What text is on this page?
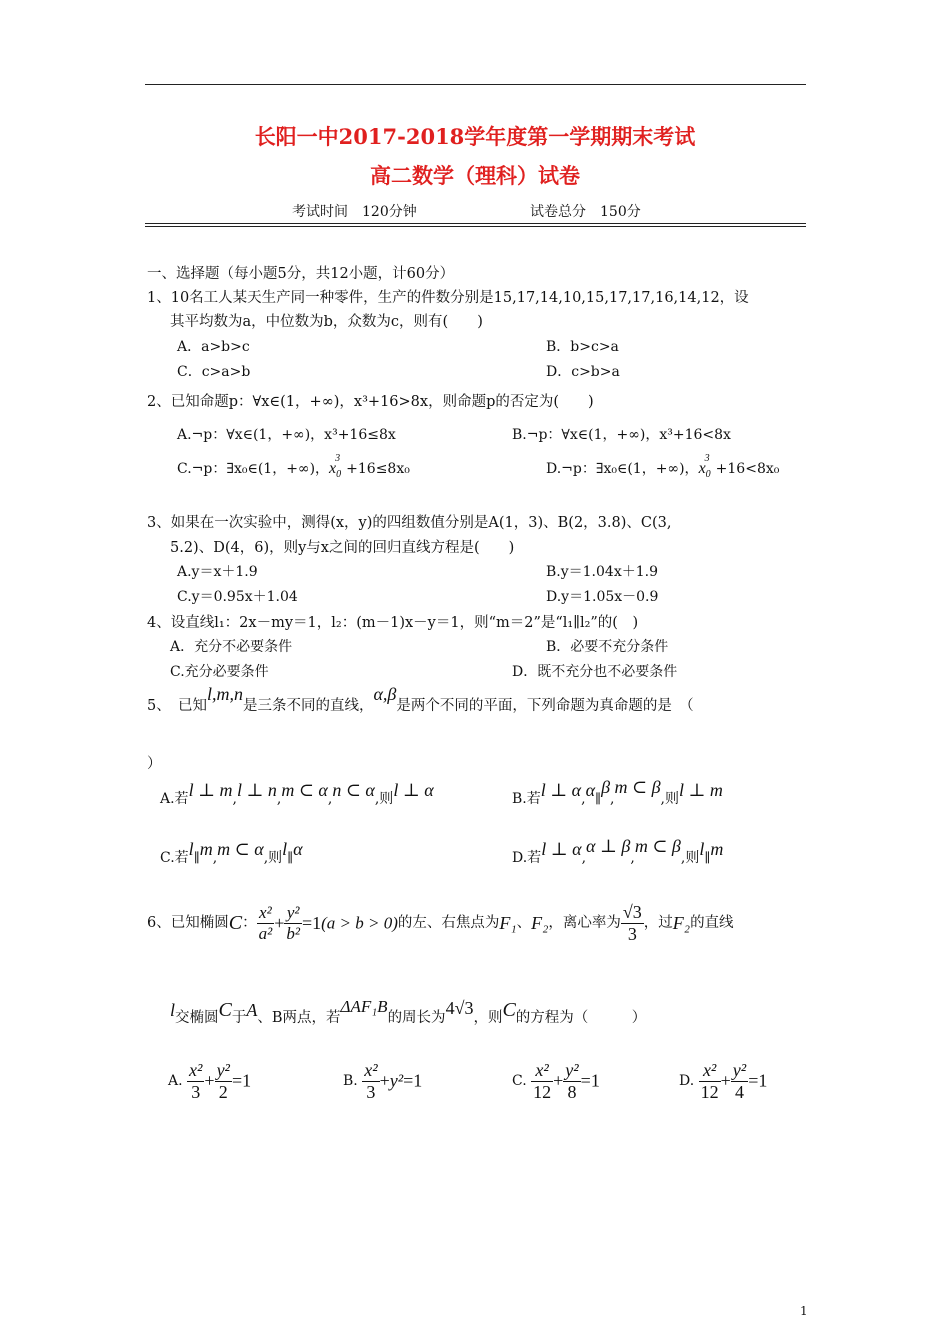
长阳一中2017-2018学年度第一学期期末考试
高二数学（理科）试卷
考试时间　120分钟	试卷总分　150分
一、选择题（每小题5分，共12小题，计60分）
1、10名工人某天生产同一种零件，生产的件数分别是15,17,14,10,15,17,17,16,14,12，设
其平均数为a，中位数为b，众数为c，则有(　　)
A．a>b>c	B．b>c>a
C．c>a>b	D．c>b>a
2、已知命题p：∀x∈(1，+∞)，x³+16>8x，则命题p的否定为(　　)
A.¬p：∀x∈(1，+∞)，x³+16≤8x	B.¬p：∀x∈(1，+∞)，x³+16<8x
C.¬p：∃x₀∈(1，+∞)，$x_0^3+16\le 8x_0$	D.¬p：∃x₀∈(1，+∞)，$x_0^3+16<8x_0$
3、如果在一次实验中，测得(x，y)的四组数值分别是A(1，3)、B(2，3.8)、C(3,
5.2)、D(4，6)，则y与x之间的回归直线方程是(　　)
A.y＝x＋1.9	B.y＝1.04x＋1.9
C.y＝0.95x＋1.04	D.y＝1.05x－0.9
4、设直线l₁：2x－my＝1，l₂：(m－1)x－y＝1，则“m＝2”是“l₁∥l₂”的(　)
A．充分不必要条件	B．必要不充分条件
C.充分必要条件	D．既不充分也不必要条件
5、　已知l,m,n是三条不同的直线，α,β是两个不同的平面，下列命题为真命题的是　（
）
A.若l ⊥ m,l ⊥ n,m ⊂ α,n ⊂ α,则l ⊥ α	B.若l ⊥ α,α∥β,m ⊂ β,则l ⊥ m
C.若l∥m,m ⊂ α,则l∥α	D.若l ⊥ α,α ⊥ β,m ⊂ β,则l∥m
6、已知椭圆C： $\frac{\text{x²}}{\text{a²}} + \frac{\text{y²}}{\text{b²}} =1(a > b > 0)$的左、右焦点为F₁、F₂，离心率为 $\frac{√3}{3}$ ，过F₂的直线
l交椭圆C于A、B两点，若ΔAF₁B的周长为4√3，则C的方程为（　　　）
A. $\frac{\text{x²}}{3} + \frac{\text{y²}}{2} =1$	B. $\frac{\text{x²}}{3} +y^2=1$	C. $\frac{\text{x²}}{12} + \frac{\text{y²}}{8} =1$	D. $\frac{\text{x²}}{12} + \frac{\text{y²}}{4} =1$
1
